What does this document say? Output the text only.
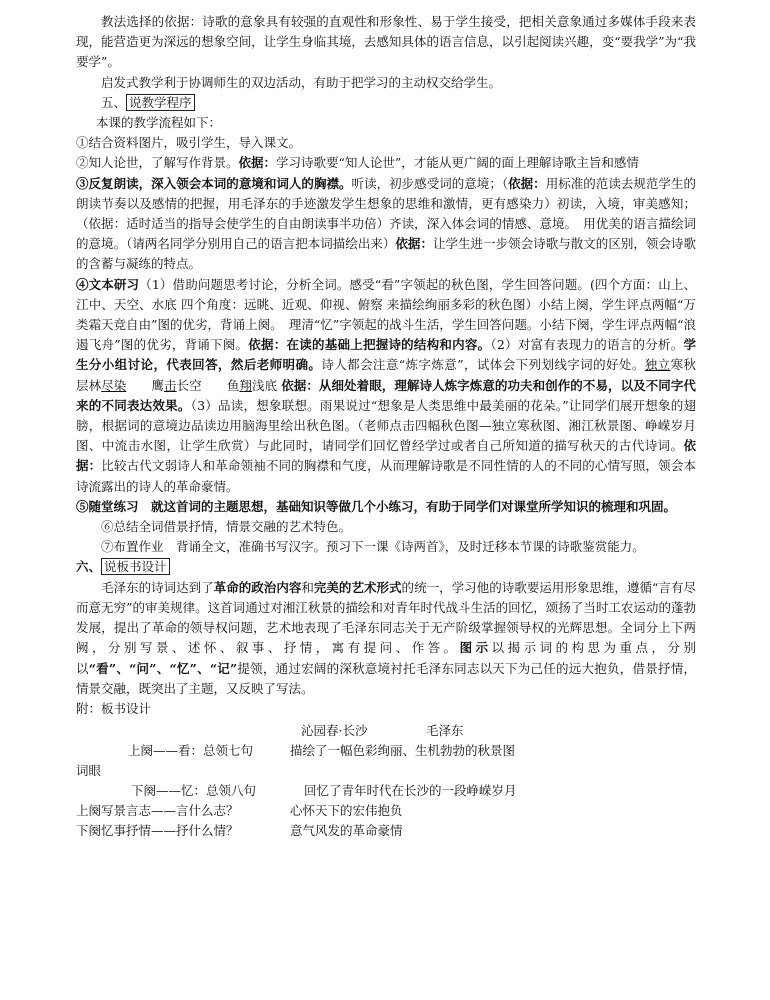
教法选择的依据：诗歌的意象具有较强的直观性和形象性、易于学生接受，把相关意象通过多媒体手段来表现，能营造更为深远的想象空间，让学生身临其境，去感知具体的语言信息，以引起阅读兴趣，变“要我学”为“我要学”。

启发式教学利于协调师生的双边活动，有助于把学习的主动权交给学生。

五、 说教学程序

本课的教学流程如下：

①结合资料图片，吸引学生，导入课文。

②知人论世，了解写作背景。依据：学习诗歌要“知人论世”，才能从更广阔的面上理解诗歌主旨和感情

③反复朗读，深入领会本词的意境和词人的胸襟。听读，初步感受词的意境；（依据：用标准的范读去规范学生的朗读节奏以及感情的把握，用毛泽东的手迹激发学生想象的思维和激情，更有感染力）初读，入境，审美感知；（依据：适时适当的指导会使学生的自由朗读事半功倍）齐读，深入体会词的情感、意境。　用优美的语言描绘词的意境。（请两名同学分别用自己的语言把本词描绘出来）依据：让学生进一步领会诗歌与散文的区别，领会诗歌的含蓄与凝练的特点。

④文本研习（1）借助问题思考讨论，分析全词。感受“看”字领起的秋色图，学生回答问题。(四个方面：山上、江中、天空、水底 四个角度：远眺、近观、仰视、俯察 来描绘绚丽多彩的秋色图）小结上阕，学生评点两幅“万类霜天竞自由”图的优劣，背诵上阕。　理清“忆”字领起的战斗生活，学生回答问题。小结下阕，学生评点两幅“浪遏飞舟”图的优劣，背诵下阕。依据：在读的基础上把握诗的结构和内容。（2）对富有表现力的语言的分析。学生分小组讨论，代表回答，然后老师明确。诗人都会注意“炼字炼意”，试体会下列划线字词的好处。独立寒秋　层林尽染　　鹰击长空　　鱼翔浅底 依据：从细处着眼，理解诗人炼字炼意的功夫和创作的不易，以及不同字代来的不同表达效果。（3）品读，想象联想。雨果说过“想象是人类思维中最美丽的花朵。”让同学们展开想象的翅膀，根据词的意境边品读边用脑海里绘出秋色图。（老师点击四幅秋色图—独立寒秋图、湘江秋景图、峥嵘岁月图、中流击水图，让学生欣赏）与此同时，请同学们回忆曾经学过或者自己所知道的描写秋天的古代诗词。依据：比较古代文弱诗人和革命领袖不同的胸襟和气度，从而理解诗歌是不同性情的人的不同的心情写照，领会本诗流露出的诗人的革命豪情。

⑤随堂练习　就这首词的主题思想，基础知识等做几个小练习，有助于同学们对课堂所学知识的梳理和巩固。

⑥总结全词借景抒情，情景交融的艺术特色。

⑦布置作业　背诵全文，准确书写汉字。预习下一课《诗两首》，及时迁移本节课的诗歌鉴赏能力。

六、 说板书设计

毛泽东的诗词达到了革命的政治内容和完美的艺术形式的统一，学习他的诗歌要运用形象思维，遵循“言有尽而意无穷”的审美规律。这首词通过对湘江秋景的描绘和对青年时代战斗生活的回忆，颂扬了当时工农运动的蓬勃发展，提出了革命的领导权问题，艺术地表现了毛泽东同志关于无产阶级掌握领导权的光辉思想。全词分上下两阙，分别写景、述怀、叙事、抒情，寓有提问、作答。图示以揭示词的构思为重点，分别以“看”、“问”、“忆”、“记”提领，通过宏阔的深秋意境衬托毛泽东同志以天下为己任的远大抱负，借景抒情，情景交融，既突出了主题，又反映了写法。

附：板书设计

沁园春·长沙	毛泽东
上阕——看：总领七句	描绘了一幅色彩绚丽、生机勃勃的秋景图
词眼
下阕——忆：总领八句	回忆了青年时代在长沙的一段峥嵘岁月
上阕写景言志——言什么志？	心怀天下的宏伟抱负
下阕忆事抒情——抒什么情？	意气风发的革命豪情
